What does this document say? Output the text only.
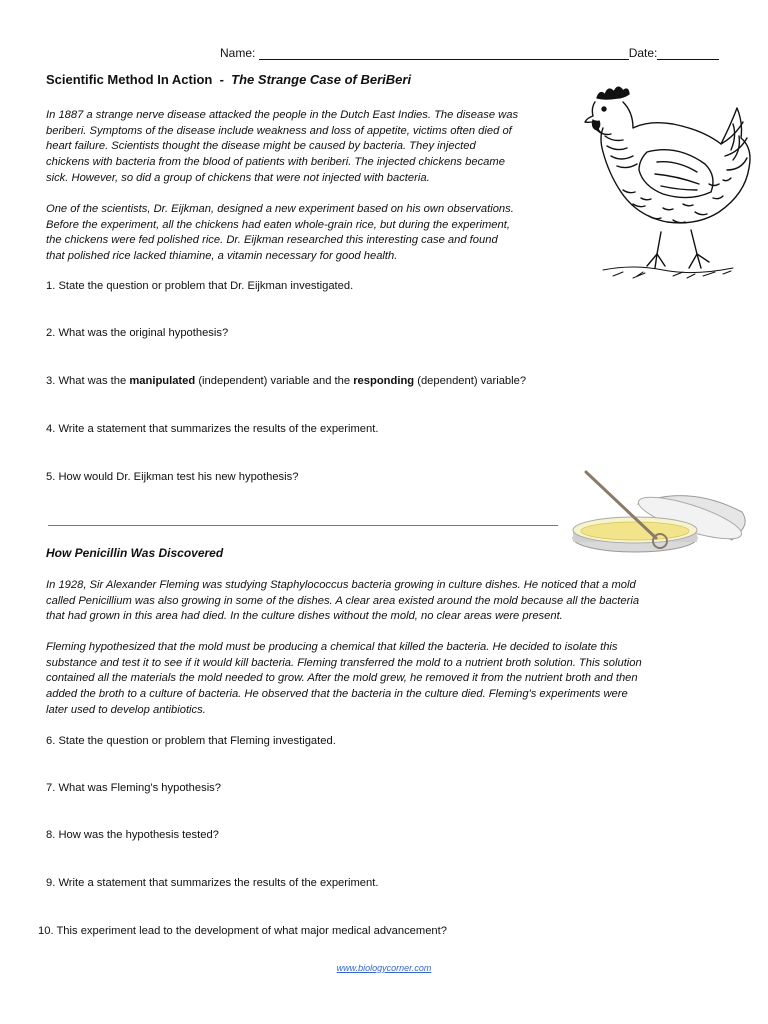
Name:	Date:
Scientific Method In Action - The Strange Case of BeriBeri
In 1887 a strange nerve disease attacked the people in the Dutch East Indies. The disease was
beriberi. Symptoms of the disease include weakness and loss of appetite, victims often died of
heart failure. Scientists thought the disease might be caused by bacteria. They injected
chickens with bacteria from the blood of patients with beriberi. The injected chickens became
sick. However, so did a group of chickens that were not injected with bacteria.
One of the scientists, Dr. Eijkman, designed a new experiment based on his own observations.
Before the experiment, all the chickens had eaten whole-grain rice, but during the experiment,
the chickens were fed polished rice. Dr. Eijkman researched this interesting case and found
that polished rice lacked thiamine, a vitamin necessary for good health.
1. State the question or problem that Dr. Eijkman investigated.
2. What was the original hypothesis?
3. What was the manipulated (independent) variable and the responding (dependent) variable?
4. Write a statement that summarizes the results of the experiment.
5. How would Dr. Eijkman test his new hypothesis?
How Penicillin Was Discovered
In 1928, Sir Alexander Fleming was studying Staphylococcus bacteria growing in culture dishes. He noticed that a mold
called Penicillium was also growing in some of the dishes. A clear area existed around the mold because all the bacteria
that had grown in this area had died. In the culture dishes without the mold, no clear areas were present.
Fleming hypothesized that the mold must be producing a chemical that killed the bacteria. He decided to isolate this
substance and test it to see if it would kill bacteria. Fleming transferred the mold to a nutrient broth solution. This solution
contained all the materials the mold needed to grow. After the mold grew, he removed it from the nutrient broth and then
added the broth to a culture of bacteria. He observed that the bacteria in the culture died. Fleming's experiments were
later used to develop antibiotics.
6. State the question or problem that Fleming investigated.
7. What was Fleming's hypothesis?
8. How was the hypothesis tested?
9. Write a statement that summarizes the results of the experiment.
10. This experiment lead to the development of what major medical advancement?
www.biologycorner.com
